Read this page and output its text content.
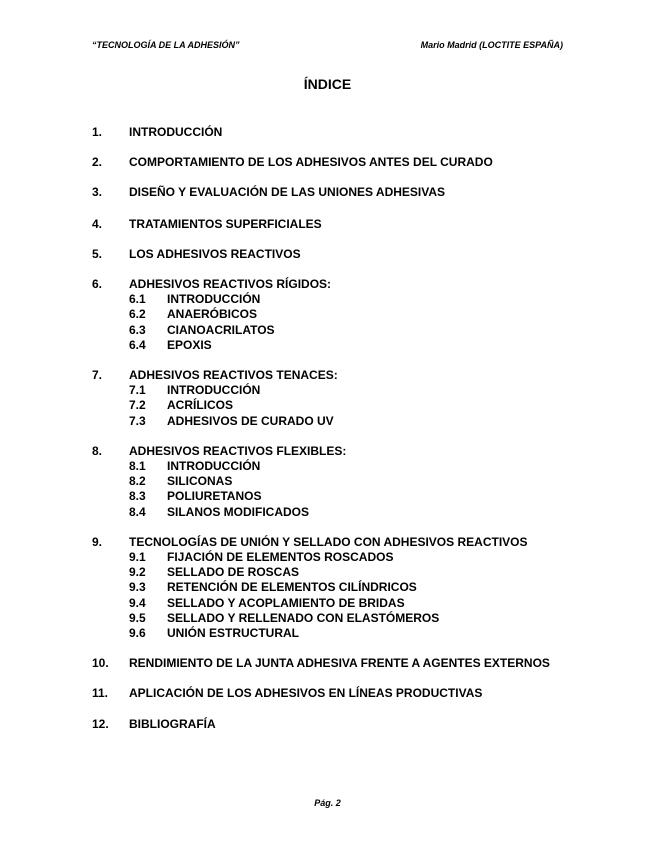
“TECNOLOGÍA DE LA ADHESIÓN”	Mario Madrid (LOCTITE ESPAÑA)
ÍNDICE
1. INTRODUCCIÓN
2. COMPORTAMIENTO DE LOS ADHESIVOS ANTES DEL CURADO
3. DISEÑO Y EVALUACIÓN DE LAS UNIONES ADHESIVAS
4. TRATAMIENTOS SUPERFICIALES
5. LOS ADHESIVOS REACTIVOS
6. ADHESIVOS REACTIVOS RÍGIDOS:
6.1 INTRODUCCIÓN
6.2 ANAERÓBICOS
6.3 CIANOACRILATOS
6.4 EPOXIS
7. ADHESIVOS REACTIVOS TENACES:
7.1 INTRODUCCIÓN
7.2 ACRÍLICOS
7.3 ADHESIVOS DE CURADO UV
8. ADHESIVOS REACTIVOS FLEXIBLES:
8.1 INTRODUCCIÓN
8.2 SILICONAS
8.3 POLIURETANOS
8.4 SILANOS MODIFICADOS
9. TECNOLOGÍAS DE UNIÓN Y SELLADO CON ADHESIVOS REACTIVOS
9.1 FIJACIÓN DE ELEMENTOS ROSCADOS
9.2 SELLADO DE ROSCAS
9.3 RETENCIÓN DE ELEMENTOS CILÍNDRICOS
9.4 SELLADO Y ACOPLAMIENTO DE BRIDAS
9.5 SELLADO Y RELLENADO CON ELASTÓMEROS
9.6 UNIÓN ESTRUCTURAL
10. RENDIMIENTO DE LA JUNTA ADHESIVA FRENTE A AGENTES EXTERNOS
11. APLICACIÓN DE LOS ADHESIVOS EN LÍNEAS PRODUCTIVAS
12. BIBLIOGRAFÍA
Pág. 2
